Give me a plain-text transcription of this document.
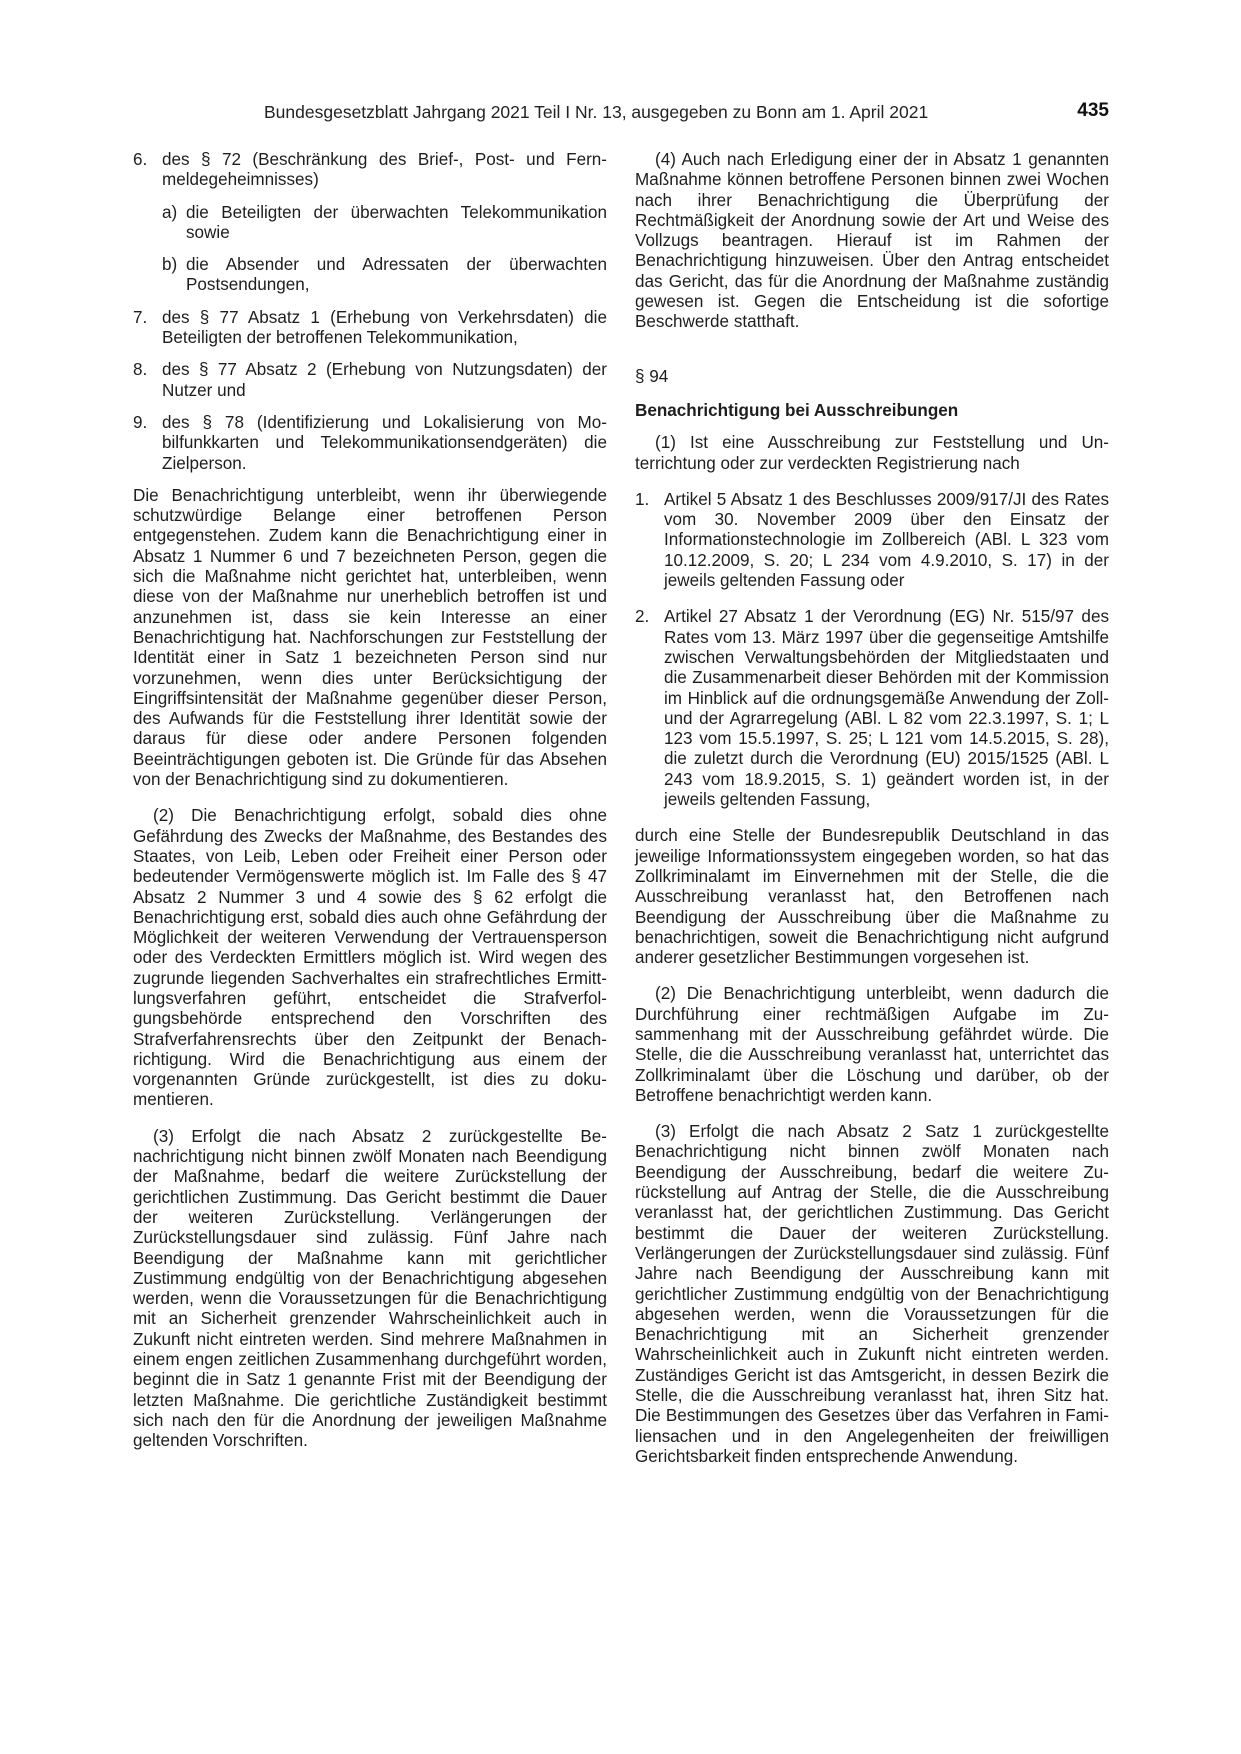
Bundesgesetzblatt Jahrgang 2021 Teil I Nr. 13, ausgegeben zu Bonn am 1. April 2021	435
6. des § 72 (Beschränkung des Brief-, Post- und Fernmeldegeheimnisses)
a) die Beteiligten der überwachten Telekommunikation sowie
b) die Absender und Adressaten der überwachten Postsendungen,
7. des § 77 Absatz 1 (Erhebung von Verkehrsdaten) die Beteiligten der betroffenen Telekommunikation,
8. des § 77 Absatz 2 (Erhebung von Nutzungsdaten) der Nutzer und
9. des § 78 (Identifizierung und Lokalisierung von Mobilfunkkarten und Telekommunikationsendgeräten) die Zielperson.

Die Benachrichtigung unterbleibt, wenn ihr überwiegende schutzwürdige Belange einer betroffenen Person entgegenstehen. Zudem kann die Benachrichtigung einer in Absatz 1 Nummer 6 und 7 bezeichneten Person, gegen die sich die Maßnahme nicht gerichtet hat, unterbleiben, wenn diese von der Maßnahme nur unerheblich betroffen ist und anzunehmen ist, dass sie kein Interesse an einer Benachrichtigung hat. Nachforschungen zur Feststellung der Identität einer in Satz 1 bezeichneten Person sind nur vorzunehmen, wenn dies unter Berücksichtigung der Eingriffsintensität der Maßnahme gegenüber dieser Person, des Aufwands für die Feststellung ihrer Identität sowie der daraus für diese oder andere Personen folgenden Beeinträchtigungen geboten ist. Die Gründe für das Absehen von der Benachrichtigung sind zu dokumentieren.

(2) Die Benachrichtigung erfolgt, sobald dies ohne Gefährdung des Zwecks der Maßnahme, des Bestandes des Staates, von Leib, Leben oder Freiheit einer Person oder bedeutender Vermögenswerte möglich ist. Im Falle des § 47 Absatz 2 Nummer 3 und 4 sowie des § 62 erfolgt die Benachrichtigung erst, sobald dies auch ohne Gefährdung der Möglichkeit der weiteren Verwendung der Vertrauensperson oder des Verdeckten Ermittlers möglich ist. Wird wegen des zugrunde liegenden Sachverhaltes ein strafrechtliches Ermittlungsverfahren geführt, entscheidet die Strafverfolgungsbehörde entsprechend den Vorschriften des Strafverfahrensrechts über den Zeitpunkt der Benachrichtigung. Wird die Benachrichtigung aus einem der vorgenannten Gründe zurückgestellt, ist dies zu dokumentieren.

(3) Erfolgt die nach Absatz 2 zurückgestellte Benachrichtigung nicht binnen zwölf Monaten nach Beendigung der Maßnahme, bedarf die weitere Zurückstellung der gerichtlichen Zustimmung. Das Gericht bestimmt die Dauer der weiteren Zurückstellung. Verlängerungen der Zurückstellungsdauer sind zulässig. Fünf Jahre nach Beendigung der Maßnahme kann mit gerichtlicher Zustimmung endgültig von der Benachrichtigung abgesehen werden, wenn die Voraussetzungen für die Benachrichtigung mit an Sicherheit grenzender Wahrscheinlichkeit auch in Zukunft nicht eintreten werden. Sind mehrere Maßnahmen in einem engen zeitlichen Zusammenhang durchgeführt worden, beginnt die in Satz 1 genannte Frist mit der Beendigung der letzten Maßnahme. Die gerichtliche Zuständigkeit bestimmt sich nach den für die Anordnung der jeweiligen Maßnahme geltenden Vorschriften.

(4) Auch nach Erledigung einer der in Absatz 1 genannten Maßnahme können betroffene Personen binnen zwei Wochen nach ihrer Benachrichtigung die Überprüfung der Rechtmäßigkeit der Anordnung sowie der Art und Weise des Vollzugs beantragen. Hierauf ist im Rahmen der Benachrichtigung hinzuweisen. Über den Antrag entscheidet das Gericht, das für die Anordnung der Maßnahme zuständig gewesen ist. Gegen die Entscheidung ist die sofortige Beschwerde statthaft.

§ 94

Benachrichtigung bei Ausschreibungen

(1) Ist eine Ausschreibung zur Feststellung und Unterrichtung oder zur verdeckten Registrierung nach

1. Artikel 5 Absatz 1 des Beschlusses 2009/917/JI des Rates vom 30. November 2009 über den Einsatz der Informationstechnologie im Zollbereich (ABl. L 323 vom 10.12.2009, S. 20; L 234 vom 4.9.2010, S. 17) in der jeweils geltenden Fassung oder
2. Artikel 27 Absatz 1 der Verordnung (EG) Nr. 515/97 des Rates vom 13. März 1997 über die gegenseitige Amtshilfe zwischen Verwaltungsbehörden der Mitgliedstaaten und die Zusammenarbeit dieser Behörden mit der Kommission im Hinblick auf die ordnungsgemäße Anwendung der Zoll- und der Agrarregelung (ABl. L 82 vom 22.3.1997, S. 1; L 123 vom 15.5.1997, S. 25; L 121 vom 14.5.2015, S. 28), die zuletzt durch die Verordnung (EU) 2015/1525 (ABl. L 243 vom 18.9.2015, S. 1) geändert worden ist, in der jeweils geltenden Fassung,

durch eine Stelle der Bundesrepublik Deutschland in das jeweilige Informationssystem eingegeben worden, so hat das Zollkriminalamt im Einvernehmen mit der Stelle, die die Ausschreibung veranlasst hat, den Betroffenen nach Beendigung der Ausschreibung über die Maßnahme zu benachrichtigen, soweit die Benachrichtigung nicht aufgrund anderer gesetzlicher Bestimmungen vorgesehen ist.

(2) Die Benachrichtigung unterbleibt, wenn dadurch die Durchführung einer rechtmäßigen Aufgabe im Zusammenhang mit der Ausschreibung gefährdet würde. Die Stelle, die die Ausschreibung veranlasst hat, unterrichtet das Zollkriminalamt über die Löschung und darüber, ob der Betroffene benachrichtigt werden kann.

(3) Erfolgt die nach Absatz 2 Satz 1 zurückgestellte Benachrichtigung nicht binnen zwölf Monaten nach Beendigung der Ausschreibung, bedarf die weitere Zurückstellung auf Antrag der Stelle, die die Ausschreibung veranlasst hat, der gerichtlichen Zustimmung. Das Gericht bestimmt die Dauer der weiteren Zurückstellung. Verlängerungen der Zurückstellungsdauer sind zulässig. Fünf Jahre nach Beendigung der Ausschreibung kann mit gerichtlicher Zustimmung endgültig von der Benachrichtigung abgesehen werden, wenn die Voraussetzungen für die Benachrichtigung mit an Sicherheit grenzender Wahrscheinlichkeit auch in Zukunft nicht eintreten werden. Zuständiges Gericht ist das Amtsgericht, in dessen Bezirk die Stelle, die die Ausschreibung veranlasst hat, ihren Sitz hat. Die Bestimmungen des Gesetzes über das Verfahren in Familiensachen und in den Angelegenheiten der freiwilligen Gerichtsbarkeit finden entsprechende Anwendung.
